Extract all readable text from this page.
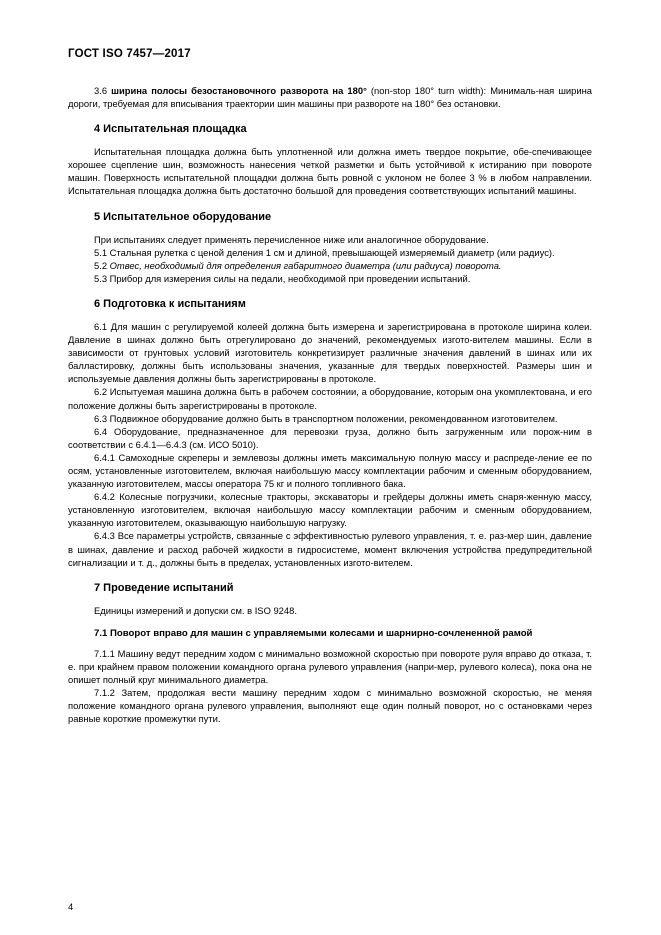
ГОСТ ISO 7457—2017

3.6 ширина полосы безостановочного разворота на 180° (non-stop 180° turn width): Минималь-ная ширина дороги, требуемая для вписывания траектории шин машины при развороте на 180° без остановки.

4 Испытательная площадка

Испытательная площадка должна быть уплотненной или должна иметь твердое покрытие, обе-спечивающее хорошее сцепление шин, возможность нанесения четкой разметки и быть устойчивой к истиранию при повороте машин. Поверхность испытательной площадки должна быть ровной с уклоном не более 3 % в любом направлении. Испытательная площадка должна быть достаточно большой для проведения соответствующих испытаний машины.

5 Испытательное оборудование

При испытаниях следует применять перечисленное ниже или аналогичное оборудование.

5.1 Стальная рулетка с ценой деления 1 см и длиной, превышающей измеряемый диаметр (или радиус).

5.2 Отвес, необходимый для определения габаритного диаметра (или радиуса) поворота.

5.3 Прибор для измерения силы на педали, необходимой при проведении испытаний.

6 Подготовка к испытаниям

6.1 Для машин с регулируемой колеей должна быть измерена и зарегистрирована в протоколе ширина колеи. Давление в шинах должно быть отрегулировано до значений, рекомендуемых изгото-вителем машины. Если в зависимости от грунтовых условий изготовитель конкретизирует различные значения давлений в шинах или их балластировку, должны быть использованы значения, указанные для твердых поверхностей. Размеры шин и используемые давления должны быть зарегистрированы в протоколе.

6.2 Испытуемая машина должна быть в рабочем состоянии, а оборудование, которым она укомплектована, и его положение должны быть зарегистрированы в протоколе.

6.3 Подвижное оборудование должно быть в транспортном положении, рекомендованном изготовителем.

6.4 Оборудование, предназначенное для перевозки груза, должно быть загруженным или порож-ним в соответствии с 6.4.1—6.4.3 (см. ИСО 5010).

6.4.1 Самоходные скреперы и землевозы должны иметь максимальную полную массу и распреде-ление ее по осям, установленные изготовителем, включая наибольшую массу комплектации рабочим и сменным оборудованием, указанную изготовителем, массы оператора 75 кг и полного топливного бака.

6.4.2 Колесные погрузчики, колесные тракторы, экскаваторы и грейдеры должны иметь снаря-женную массу, установленную изготовителем, включая наибольшую массу комплектации рабочим и сменным оборудованием, указанную изготовителем, оказывающую наибольшую нагрузку.

6.4.3 Все параметры устройств, связанные с эффективностью рулевого управления, т. е. раз-мер шин, давление в шинах, давление и расход рабочей жидкости в гидросистеме, момент включения устройства предупредительной сигнализации и т. д., должны быть в пределах, установленных изгото-вителем.

7 Проведение испытаний

Единицы измерений и допуски см. в ISO 9248.

7.1 Поворот вправо для машин с управляемыми колесами и шарнирно-сочлененной рамой

7.1.1 Машину ведут передним ходом с минимально возможной скоростью при повороте руля вправо до отказа, т. е. при крайнем правом положении командного органа рулевого управления (напри-мер, рулевого колеса), пока она не опишет полный круг минимального диаметра.

7.1.2 Затем, продолжая вести машину передним ходом с минимально возможной скоростью, не меняя положение командного органа рулевого управления, выполняют еще один полный поворот, но с остановками через равные короткие промежутки пути.

4
